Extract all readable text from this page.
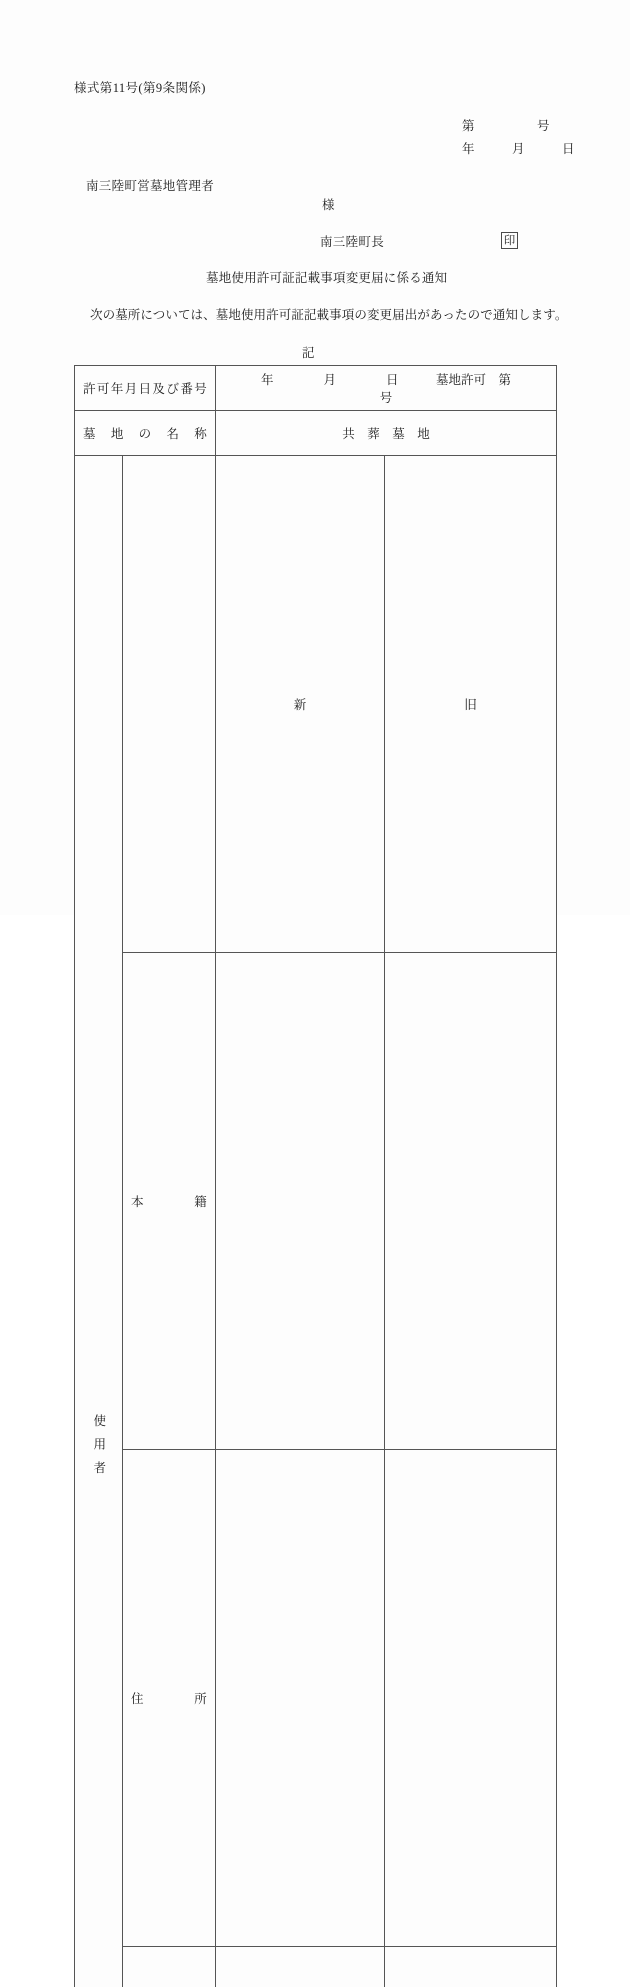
様式第11号(第9条関係)
第　　　　　号
年　　　月　　　日
南三陸町営墓地管理者
様
南三陸町長	印
墓地使用許可証記載事項変更届に係る通知
次の墓所については、墓地使用許可証記載事項の変更届出があったので通知します。
記
許可年月日及び番号		年　　　　月　　　　日　　　墓地許可　第　　　　　　号	

墓地の名称		共　葬　墓　地	

使用者		新	旧

	本籍		

	住所		
